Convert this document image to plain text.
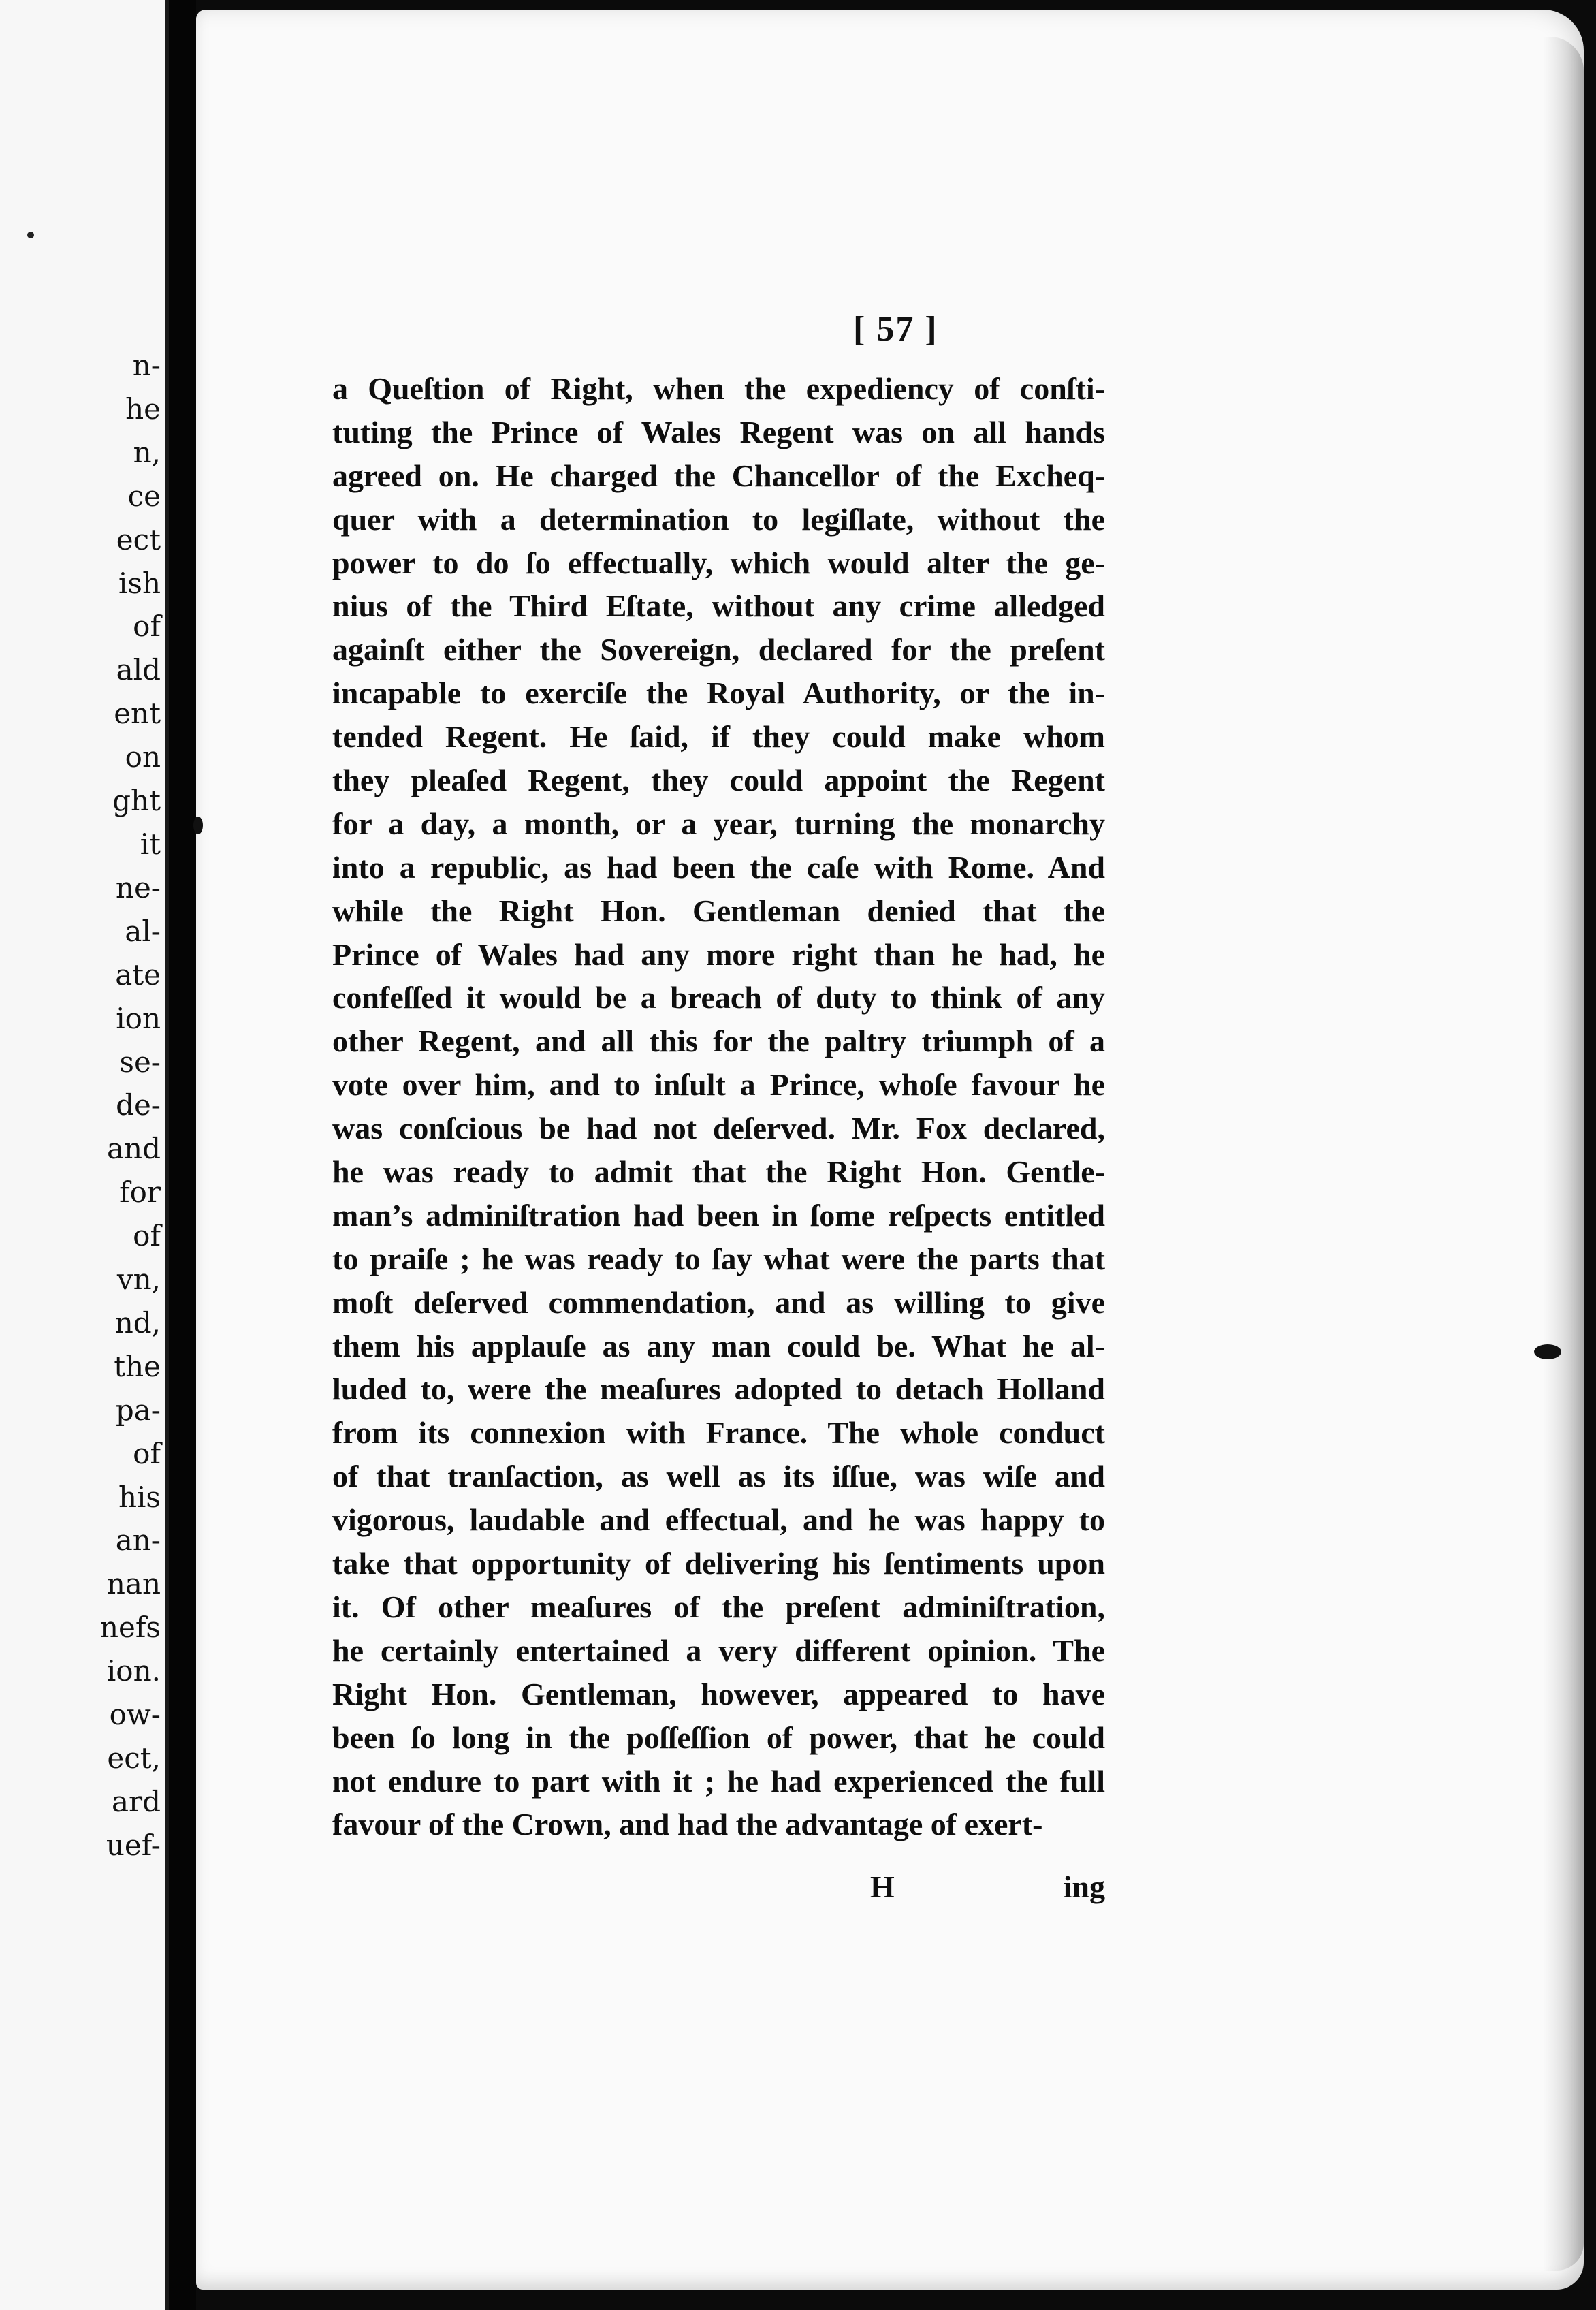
n-
he
n,
ce
ect
ish
of
ald
ent
on
ght
it
ne-
al-
ate
ion
se-
de-
and
for
of
vn,
nd,
the
pa-
of
his
an-
nan
nefs
ion.
ow-
ect,
ard
uef-
[ 57 ]
a Queſtion of Right, when the expediency of conſti-
tuting the Prince of Wales Regent was on all hands
agreed on. He charged the Chancellor of the Excheq-
quer with a determination to legiſlate, without the
power to do ſo effectually, which would alter the ge-
nius of the Third Eſtate, without any crime alledged
againſt either the Sovereign, declared for the preſent
incapable to exerciſe the Royal Authority, or the in-
tended Regent. He ſaid, if they could make whom
they pleaſed Regent, they could appoint the Regent
for a day, a month, or a year, turning the monarchy
into a republic, as had been the caſe with Rome. And
while the Right Hon. Gentleman denied that the
Prince of Wales had any more right than he had, he
confeſſed it would be a breach of duty to think of any
other Regent, and all this for the paltry triumph of a
vote over him, and to inſult a Prince, whoſe favour he
was conſcious be had not deſerved. Mr. Fox declared,
he was ready to admit that the Right Hon. Gentle-
man’s adminiſtration had been in ſome reſpects entitled
to praiſe ; he was ready to ſay what were the parts that
moſt deſerved commendation, and as willing to give
them his applauſe as any man could be. What he al-
luded to, were the meaſures adopted to detach Holland
from its connexion with France. The whole conduct
of that tranſaction, as well as its iſſue, was wiſe and
vigorous, laudable and effectual, and he was happy to
take that opportunity of delivering his ſentiments upon
it. Of other meaſures of the preſent adminiſtration,
he certainly entertained a very different opinion. The
Right Hon. Gentleman, however, appeared to have
been ſo long in the poſſeſſion of power, that he could
not endure to part with it ; he had experienced the full
favour of the Crown, and had the advantage of exert-
H	ing
